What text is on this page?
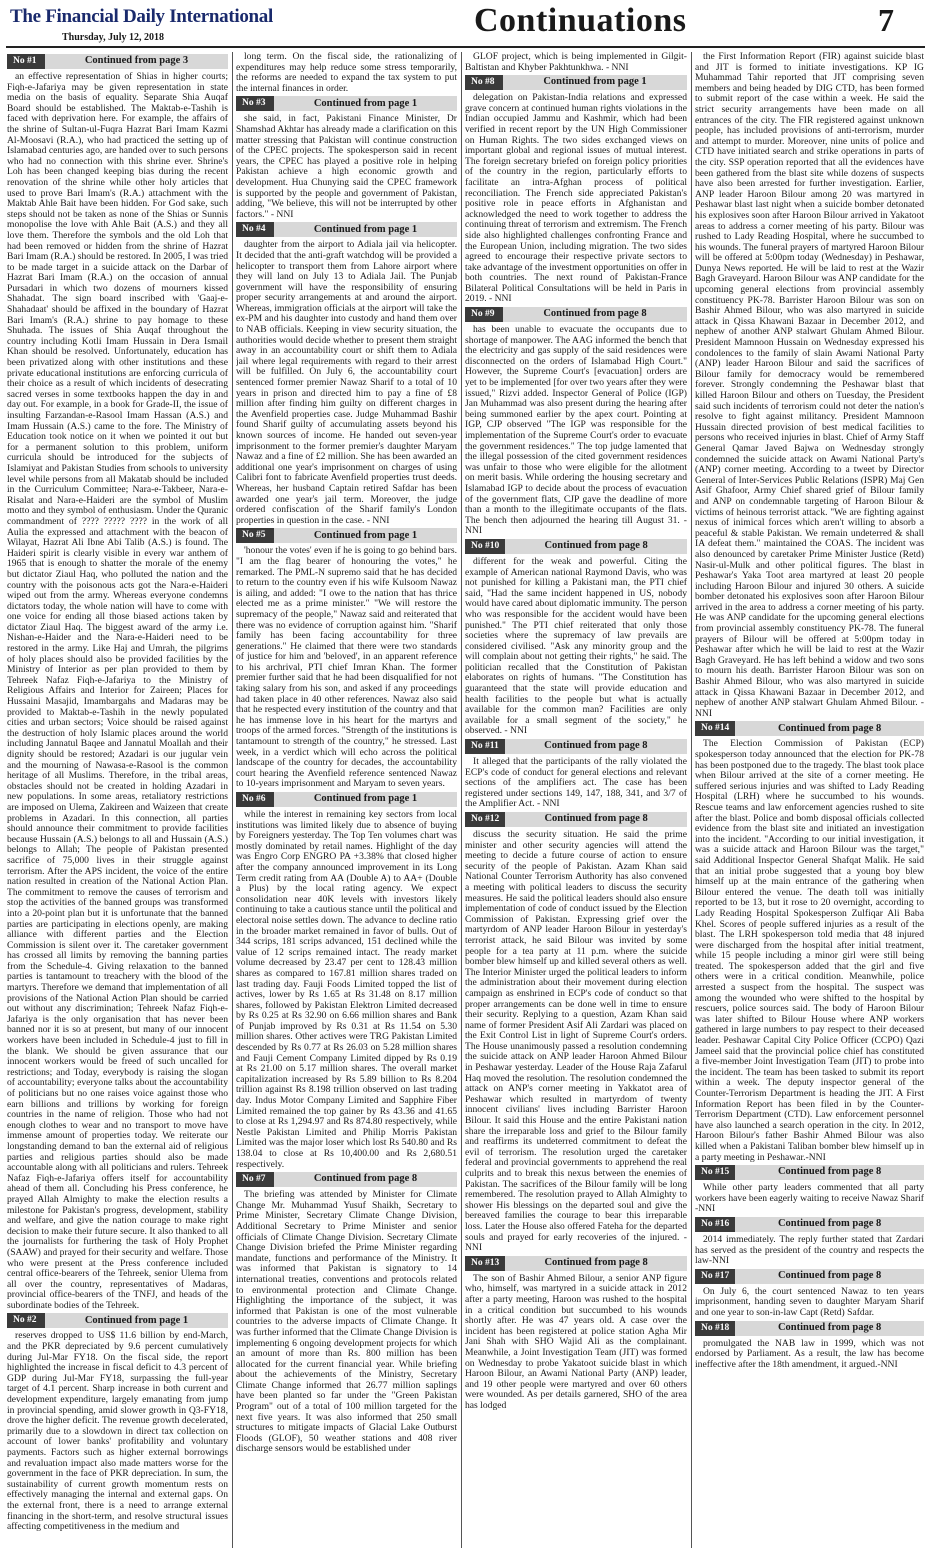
The Financial Daily International
Thursday, July 12, 2018	Continuations	7
No #1	Continued from page 3

an effective representation of Shias in higher courts; Fiqh-e-Jafariya may be given representation in state media on the basis of equality. Separate Shia Auqaf Board should be established. The Maktab-e-Tashih is faced with deprivation here. For example, the affairs of the shrine of Sultan-ul-Fuqra Hazrat Bari Imam Kazmi Al-Moosavi (R.A.), who had practiced the setting up of Islamabad centuries ago, are handed over to such persons who had no connection with this shrine ever. Shrine's Loh has been changed keeping bias during the recent renovation of the shrine while other holy articles that used to prove Bari Imam's (R.A.) attachment with the Maktab Ahle Bait have been hidden. For God sake, such steps should not be taken as none of the Shias or Sunnis monopolise the love with Ahle Bait (A.S.) and they all love them. Therefore the symbols and the old Loh that had been removed or hidden from the shrine of Hazrat Bari Imam (R.A.) should be restored. In 2005, I was tried to be made target in a suicide attack on the Darbar of Hazrat Bari Imam (R.A.) on the occasion of annual Pursadari in which two dozens of mourners kissed Shahadat. The sign board inscribed with 'Gaaj-e-Shahadaat' should be affixed in the boundary of Hazrat Bari Imam's (R.A.) shrine to pay homage to these Shuhada. The issues of Shia Auqaf throughout the country including Kotli Imam Hussain in Dera Ismail Khan should be resolved. Unfortunately, education has been privatized along with other institutions and these private educational institutions are enforcing curricula of their choice as a result of which incidents of desecrating sacred verses in some textbooks happen the day in and day out. For example, in a book for Grade-II, the issue of insulting Farzandan-e-Rasool Imam Hassan (A.S.) and Imam Hussain (A.S.) came to the fore. The Ministry of Education took notice on it when we pointed it out but for a permanent solution to this problem, uniform curricula should be introduced for the subjects of Islamiyat and Pakistan Studies from schools to university level while persons from all Makatab should be included in the Curriculum Committee; Nara-e-Takbeer, Nara-e-Risalat and Nara-e-Haideri are the symbol of Muslim motto and they symbol of enthusiasm. Under the Quranic commandment of ???? ????? ???? in the work of all Aulia the expressed and attachment with the beacon of Wilayat, Hazrat Ali Ibne Abi Talib (A.S.) is found. The Haideri spirit is clearly visible in every war anthem of 1965 that is enough to shatter the morale of the enemy but dictator Ziaul Haq, who polluted the nation and the country with the poisonous acts got the Nara-e-Haideri wiped out from the army. Whereas everyone condemns dictators today, the whole nation will have to come with one voice for ending all those biased actions taken by dictator Ziaul Haq. The biggest award of the army i.e. Nishan-e-Haider and the Nara-e-Haideri need to be restored in the army. Like Haj and Umrah, the pilgrims of holy places should also be provided facilities by the Ministry of Interior as per plan provided to them by Tehreek Nafaz Fiqh-e-Jafariya to the Ministry of Religious Affairs and Interior for Zaireen; Places for Hussaini Masajid, Imambargahs and Madaras may be provided to Maktab-e-Tashih in the newly populated cities and urban sectors; Voice should be raised against the destruction of holy Islamic places around the world including Jannatul Baqee and Jannatul Moallah and their dignity should be restored; Azadari is our jugular vein and the mourning of Nawasa-e-Rasool is the common heritage of all Muslims. Therefore, in the tribal areas, obstacles should not be created in holding Azadari in new populations. In some areas, retaliatory restrictions are imposed on Ulema, Zakireen and Waizeen that create problems in Azadari. In this connection, all parties should announce their commitment to provide facilities because Hussain (A.S.) belongs to all and Hussain (A.S.) belongs to Allah; The people of Pakistan presented sacrifice of 75,000 lives in their struggle against terrorism. After the APS incident, the voice of the entire nation resulted in creation of the National Action Plan. The commitment to remove the causes of terrorism and stop the activities of the banned groups was transformed into a 20-point plan but it is unfortunate that the banned parties are participating in elections openly, are making alliance with different parties and the Election Commission is silent over it. The caretaker government has crossed all limits by removing the banning parties from the Schedule-4. Giving relaxation to the banned parties is tantamount to treachery with the blood of the martyrs. Therefore we demand that implementation of all provisions of the National Action Plan should be carried out without any discrimination; Tehreek Nafaz Fiqh-e-Jafariya is the only organisation that has never been banned nor it is so at present, but many of our innocent workers have been included in Schedule-4 just to fill in the blank. We should be given assurance that our innocent workers would be freed of such uncalled for restrictions; and Today, everybody is raising the slogan of accountability; everyone talks about the accountability of politicians but no one raises voice against those who earn billions and trillions by working for foreign countries in the name of religion. Those who had not enough clothes to wear and no transport to move have immense amount of properties today. We reiterate our longstanding demand to ban the external aid of religious parties and religious parties should also be made accountable along with all politicians and rulers. Tehreek Nafaz Fiqh-e-Jafariya offers itself for accountability ahead of them all. Concluding his Press conference, he prayed Allah Almighty to make the election results a milestone for Pakistan's progress, development, stability and welfare, and give the nation courage to make right decision to make their future secure. It also thanked to all the journalists for furthering the task of Holy Prophet (SAAW) and prayed for their security and welfare. Those who were present at the Press conference included central office-bearers of the Tehreek, senior Ulema from all over the country, representatives of Madaras, provincial office-bearers of the TNFJ, and heads of the subordinate bodies of the Tehreek.

No #2	Continued from page 1

reserves dropped to US$ 11.6 billion by end-March, and the PKR depreciated by 9.6 percent cumulatively during Jul-Mar FY18. On the fiscal side, the report highlighted the increase in fiscal deficit to 4.3 percent of GDP during Jul-Mar FY18, surpassing the full-year target of 4.1 percent. Sharp increase in both current and development expenditure, largely emanating from jump in provincial spending, amid slower growth in Q3-FY18, drove the higher deficit. The revenue growth decelerated, primarily due to a slowdown in direct tax collection on account of lower banks' profitability and voluntary payments. Factors such as higher external borrowings and revaluation impact also made matters worse for the government in the face of PKR depreciation. In sum, the sustainability of current growth momentum rests on effectively managing the internal and external gaps. On the external front, there is a need to arrange external financing in the short-term, and resolve structural issues affecting competitiveness in the medium and

long term. On the fiscal side, the rationalizing of expenditures may help reduce some stress temporarily, the reforms are needed to expand the tax system to put the internal finances in order.

No #3	Continued from page 1

she said, in fact, Pakistani Finance Minister, Dr Shamshad Akhtar has already made a clarification on this matter stressing that Pakistan will continue construction of the CPEC projects. The spokesperson said in recent years, the CPEC has played a positive role in helping Pakistan achieve a high economic growth and development. Hua Chunying said the CPEC framework is supported by the people and government of Pakistan, adding, "We believe, this will not be interrupted by other factors." - NNI

No #4	Continued from page 1

daughter from the airport to Adiala jail via helicopter. It decided that the anti-graft watchdog will be provided a helicopter to transport them from Lahore airport where they will land on July 13 to Adiala Jail. The Punjab government will have the responsibility of ensuring proper security arrangements at and around the airport. Whereas, immigration officials at the airport will take the ex-PM and his daughter into custody and hand them over to NAB officials. Keeping in view security situation, the authorities would decide whether to present them straight away in an accountability court or shift them to Adiala jail where legal requirements with regard to their arrest will be fulfilled. On July 6, the accountability court sentenced former premier Nawaz Sharif to a total of 10 years in prison and directed him to pay a fine of £8 million after finding him guilty on different charges in the Avenfield properties case. Judge Muhammad Bashir found Sharif guilty of accumulating assets beyond his known sources of income. He handed out seven-year imprisonment to the former premier's daughter Maryam Nawaz and a fine of £2 million. She has been awarded an additional one year's imprisonment on charges of using Calibri font to fabricate Avenfield properties trust deeds. Whereas, her husband Captain retired Safdar has been awarded one year's jail term. Moreover, the judge ordered confiscation of the Sharif family's London properties in question in the case. - NNI

No #5	Continued from page 1

'honour the votes' even if he is going to go behind bars. "I am the flag bearer of honouring the votes," he remarked. The PML-N supremo said that he has decided to return to the country even if his wife Kulsoom Nawaz is ailing, and added: "I owe to the nation that has thrice elected me as a prime minister." "We will restore the supremacy of the people," Nawaz said and reiterated that there was no evidence of corruption against him. "Sharif family has been facing accountability for three generations." He claimed that there were two standards of justice for him and 'beloved', in an apparent reference to his archrival, PTI chief Imran Khan. The former premier further said that he had been disqualified for not taking salary from his son, and asked if any proceedings had taken place in 40 other references. Nawaz also said that he respected every institution of the country and that he has immense love in his heart for the martyrs and troops of the armed forces. "Strength of the institutions is tantamount to strength of the country," he stressed. Last week, in a verdict which will echo across the political landscape of the country for decades, the accountability court hearing the Avenfield reference sentenced Nawaz to 10-years imprisonment and Maryam to seven years.

No #6	Continued from page 1

while the interest in remaining key sectors from local institutions was limited likely due to absence of buying by Foreigners yesterday. The Top Ten volumes chart was mostly dominated by retail names. Highlight of the day was Engro Corp ENGRO PA +3.38% that closed higher after the company announced improvement in its Long Term credit rating from AA (Double A) to AA+ (Double a Plus) by the local rating agency. We expect consolidation near 40K levels with investors likely continuing to take a cautious stance until the political and electoral noise settles down. The advance to decline ratio in the broader market remained in favor of bulls. Out of 344 scrips, 181 scrips advanced, 151 declined while the value of 12 scrips remained intact. The ready market volume decreased by 23.47 per cent to 128.43 million shares as compared to 167.81 million shares traded on last trading day. Fauji Foods Limited topped the list of actives, lower by Rs 1.65 at Rs 31.48 on 8.17 million shares, followed by Pakistan Elektron Limited decreased by Rs 0.25 at Rs 32.90 on 6.66 million shares and Bank of Punjab improved by Rs 0.31 at Rs 11.54 on 5.30 million shares. Other actives were TRG Pakistan Limited descended by Rs 0.77 at Rs 26.03 on 5.28 million shares and Fauji Cement Company Limited dipped by Rs 0.19 at Rs 21.00 on 5.17 million shares. The overall market capitalization increased by Rs 5.89 billion to Rs 8.204 trillion against Rs 8.198 trillion observed on last trading day. Indus Motor Company Limited and Sapphire Fiber Limited remained the top gainer by Rs 43.36 and 41.65 to close at Rs 1,294.97 and Rs 874.80 respectively, while Nestle Pakistan Limited and Philip Morris Pakistan Limited was the major loser which lost Rs 540.80 and Rs 138.04 to close at Rs 10,400.00 and Rs 2,680.51 respectively.

No #7	Continued from page 8

The briefing was attended by Minister for Climate Change Mr. Muhammad Yusuf Shaikh, Secretary to Prime Minister, Secretary Climate Change Division, Additional Secretary to Prime Minister and senior officials of Climate Change Division. Secretary Climate Change Division briefed the Prime Minister regarding mandate, functions and performance of the Ministry. It was informed that Pakistan is signatory to 14 international treaties, conventions and protocols related to environmental protection and Climate Change. Highlighting the importance of the subject, it was informed that Pakistan is one of the most vulnerable countries to the adverse impacts of Climate Change. It was further informed that the Climate Change Division is implementing 6 ongoing development projects for which an amount of more than Rs. 800 million has been allocated for the current financial year. While briefing about the achievements of the Ministry, Secretary Climate Change informed that 26.77 million saplings have been planted so far under the "Green Pakistan Program" out of a total of 100 million targeted for the next five years. It was also informed that 250 small structures to mitigate impacts of Glacial Lake Outburst Floods (GLOF), 50 weather stations and 408 river discharge sensors would be established under

GLOF project, which is being implemented in Gilgit-Baltistan and Khyber Pakhtunkhwa. - NNI

No #8	Continued from page 1

delegation on Pakistan-India relations and expressed grave concern at continued human rights violations in the Indian occupied Jammu and Kashmir, which had been verified in recent report by the UN High Commissioner on Human Rights. The two sides exchanged views on important global and regional issues of mutual interest. The foreign secretary briefed on foreign policy priorities of the country in the region, particularly efforts to facilitate an intra-Afghan process of political reconciliation. The French side appreciated Pakistan's positive role in peace efforts in Afghanistan and acknowledged the need to work together to address the continuing threat of terrorism and extremism. The French side also highlighted challenges confronting France and the European Union, including migration. The two sides agreed to encourage their respective private sectors to take advantage of the investment opportunities on offer in both countries. The next round of Pakistan-France Bilateral Political Consultations will be held in Paris in 2019. - NNI

No #9	Continued from page 8

has been unable to evacuate the occupants due to shortage of manpower. The AAG informed the bench that the electricity and gas supply of the said residences were disconnected on the orders of Islamabad High Court." However, the Supreme Court's [evacuation] orders are yet to be implemented [for over two years after they were issued," Rizvi added. Inspector General of Police (IGP) Jan Muhammad was also present during the hearing after being summoned earlier by the apex court. Pointing at IGP, CJP observed "The IGP was responsible for the implementation of the Supreme Court's order to evacuate the government residences." The top judge lamented that the illegal possession of the cited government residences was unfair to those who were eligible for the allotment on merit basis. While ordering the housing secretary and Islamabad IGP to decide about the process of evacuation of the government flats, CJP gave the deadline of more than a month to the illegitimate occupants of the flats. The bench then adjourned the hearing till August 31. - NNI

No #10	Continued from page 8

different for the weak and powerful. Citing the example of American national Raymond Davis, who was not punished for killing a Pakistani man, the PTI chief said, "Had the same incident happened in US, nobody would have cared about diplomatic immunity. The person who was responsible for the accident would have been punished." The PTI chief reiterated that only those societies where the supremacy of law prevails are considered civilised. "Ask any minority group and the will complain about not getting their rights," he said. The politician recalled that the Constitution of Pakistan elaborates on rights of humans. "The Constitution has guaranteed that the state will provide education and health facilities to the people but what is actually available for the common man? Facilities are only available for a small segment of the society," he observed. - NNI

No #11	Continued from page 8

It alleged that the participants of the rally violated the ECP's code of conduct for general elections and relevant sections of the amplifiers act. The case has been registered under sections 149, 147, 188, 341, and 3/7 of the Amplifier Act. - NNI

No #12	Continued from page 8

discuss the security situation. He said the prime minister and other security agencies will attend the meeting to decide a future course of action to ensure security of the people of Pakistan. Azam Khan said National Counter Terrorism Authority has also convened a meeting with political leaders to discuss the security measures. He said the political leaders should also ensure implementation of code of conduct issued by the Election Commission of Pakistan. Expressing grief over the martyrdom of ANP leader Haroon Bilour in yesterday's terrorist attack, he said Bilour was invited by some people for a tea party at 11 p.m. where the suicide bomber blew himself up and killed several others as well. The Interior Minister urged the political leaders to inform the administration about their movement during election campaign as enshrined in ECP's code of conduct so that proper arrangements can be done well in time to ensure their security. Replying to a question, Azam Khan said name of former President Asif Ali Zardari was placed on the Exit Control List in light of Supreme Court's orders. The House unanimously passed a resolution condemning the suicide attack on ANP leader Haroon Ahmed Bilour in Peshawar yesterday. Leader of the House Raja Zafarul Haq moved the resolution. The resolution condemned the attack on ANP's corner meeting in Yakkatot area of Peshawar which resulted in martyrdom of twenty innocent civilians' lives including Barrister Haroon Bilour. It said this House and the entire Pakistani nation share the irreparable loss and grief to the Bilour family and reaffirms its undeterred commitment to defeat the evil of terrorism. The resolution urged the caretaker federal and provincial governments to apprehend the real culprits and to break this nexus between the enemies of Pakistan. The sacrifices of the Bilour family will be long remembered. The resolution prayed to Allah Almighty to shower His blessings on the departed soul and give the bereaved families the courage to bear this irreparable loss. Later the House also offered Fateha for the departed souls and prayed for early recoveries of the injured. - NNI

No #13	Continued from page 8

The son of Bashir Ahmed Bilour, a senior ANP figure who, himself, was martyred in a suicide attack in 2012 after a party meeting, Haroon was rushed to the hospital in a critical condition but succumbed to his wounds shortly after. He was 47 years old. A case over the incident has been registered at police station Agha Mir Jani Shah with SHO Wajid Ali as the complainant. Meanwhile, a Joint Investigation Team (JIT) was formed on Wednesday to probe Yakatoot suicide blast in which Haroon Bilour, an Awami National Party (ANP) leader, and 19 other people were martyred and over 60 others were wounded. As per details garnered, SHO of the area has lodged

the First Information Report (FIR) against suicide blast and JIT is formed to initiate investigations. KP IG Muhammad Tahir reported that JIT comprising seven members and being headed by DIG CTD, has been formed to submit report of the case within a week. He said the strict security arrangements have been made on all entrances of the city. The FIR registered against unknown people, has included provisions of anti-terrorism, murder and attempt to murder. Moreover, nine units of police and CTD have initiated search and strike operations in parts of the city. SSP operation reported that all the evidences have been gathered from the blast site while dozens of suspects have also been arrested for further investigation. Earlier, ANP leader Haroon Bilour among 20 was martyred in Peshawar blast last night when a suicide bomber detonated his explosives soon after Haroon Bilour arrived in Yakatoot areas to address a corner meeting of his party. Bilour was rushed to Lady Reading Hospital, where he succumbed to his wounds. The funeral prayers of martyred Haroon Bilour will be offered at 5:00pm today (Wednesday) in Peshawar, Dunya News reported. He will be laid to rest at the Wazir Bagh Graveyard. Haroon Bilour was ANP candidate for the upcoming general elections from provincial assembly constituency PK-78. Barrister Haroon Bilour was son on Bashir Ahmed Bilour, who was also martyred in suicide attack in Qissa Khawani Bazaar in December 2012, and nephew of another ANP stalwart Ghulam Ahmed Bilour. President Mamnoon Hussain on Wednesday expressed his condolences to the family of slain Awami National Party (ANP) leader Haroon Bilour and said the sacrifices of Bilour family for democracy would be remembered forever. Strongly condemning the Peshawar blast that killed Haroon Bilour and others on Tuesday, the President said such incidents of terrorism could not deter the nation's resolve to fight against militancy. President Mamnoon Hussain directed provision of best medical facilities to persons who received injuries in blast. Chief of Army Staff General Qamar Javed Bajwa on Wednesday strongly condemned the suicide attack on Awami National Party's (ANP) corner meeting. According to a tweet by Director General of Inter-Services Public Relations (ISPR) Maj Gen Asif Ghafoor, Army Chief shared grief of Bilour family and ANP on condemnable targeting of Haroon Bilour & victims of heinous terrorist attack. "We are fighting against nexus of inimical forces which aren't willing to absorb a peaceful & stable Pakistan. We remain undeterred & shall IA defeat them." maintained the COAS. The incident was also denounced by caretaker Prime Minister Justice (Retd) Nasir-ul-Mulk and other political figures. The blast in Peshawar's Yaka Toot area martyred at least 20 people including Haroon Bilour and injured 30 others. A suicide bomber detonated his explosives soon after Haroon Bilour arrived in the area to address a corner meeting of his party. He was ANP candidate for the upcoming general elections from provincial assembly constituency PK-78. The funeral prayers of Bilour will be offered at 5:00pm today in Peshawar after which he will be laid to rest at the Wazir Bagh Graveyard. He has left behind a widow and two sons to mourn his death. Barrister Haroon Bilour was son on Bashir Ahmed Bilour, who was also martyred in suicide attack in Qissa Khawani Bazaar in December 2012, and nephew of another ANP stalwart Ghulam Ahmed Bilour. - NNI

No #14	Continued from page 8

The Election Commission of Pakistan (ECP) spokesperson today announced that the election for PK-78 has been postponed due to the tragedy. The blast took place when Bilour arrived at the site of a corner meeting. He suffered serious injuries and was shifted to Lady Reading Hospital (LRH) where he succumbed to his wounds. Rescue teams and law enforcement agencies rushed to site after the blast. Police and bomb disposal officials collected evidence from the blast site and initiated an investigation into the incident. "According to our initial investigation, it was a suicide attack and Haroon Bilour was the target," said Additional Inspector General Shafqat Malik. He said that an initial probe suggested that a young boy blew himself up at the main entrance of the gathering when Bilour entered the venue. The death toll was initially reported to be 13, but it rose to 20 overnight, according to Lady Reading Hospital Spokesperson Zulfiqar Ali Baba Khel. Scores of people suffered injuries as a result of the blast. The LRH spokesperson told media that 48 injured were discharged from the hospital after initial treatment, while 15 people including a minor girl were still being treated. The spokesperson added that the girl and five others were in a critical condition. Meanwhile, police arrested a suspect from the hospital. The suspect was among the wounded who were shifted to the hospital by rescuers, police sources said. The body of Haroon Bilour was later shifted to Bilour House where ANP workers gathered in large numbers to pay respect to their deceased leader. Peshawar Capital City Police Officer (CCPO) Qazi Jameel said that the provincial police chief has constituted a five-member Joint Investigation Team (JIT) to probe into the incident. The team has been tasked to submit its report within a week. The deputy inspector general of the Counter-Terrorism Department is heading the JIT. A First Information Report has been filed in by the Counter-Terrorism Department (CTD). Law enforcement personnel have also launched a search operation in the city. In 2012, Haroon Bilour's father Bashir Ahmed Bilour was also killed when a Pakistani Taliban bomber blew himself up in a party meeting in Peshawar.-NNI

No #15	Continued from page 8

While other party leaders commented that all party workers have been eagerly waiting to receive Nawaz Sharif -NNI

No #16	Continued from page 8

2014 immediately. The reply further stated that Zardari has served as the president of the country and respects the law-NNI

No #17	Continued from page 8

On July 6, the court sentenced Nawaz to ten years imprisonment, handing seven to daughter Maryam Sharif and one year to son-in-law Capt (Retd) Safdar.

No #18	Continued from page 8

promulgated the NAB law in 1999, which was not endorsed by Parliament. As a result, the law has become ineffective after the 18th amendment, it argued.-NNI
